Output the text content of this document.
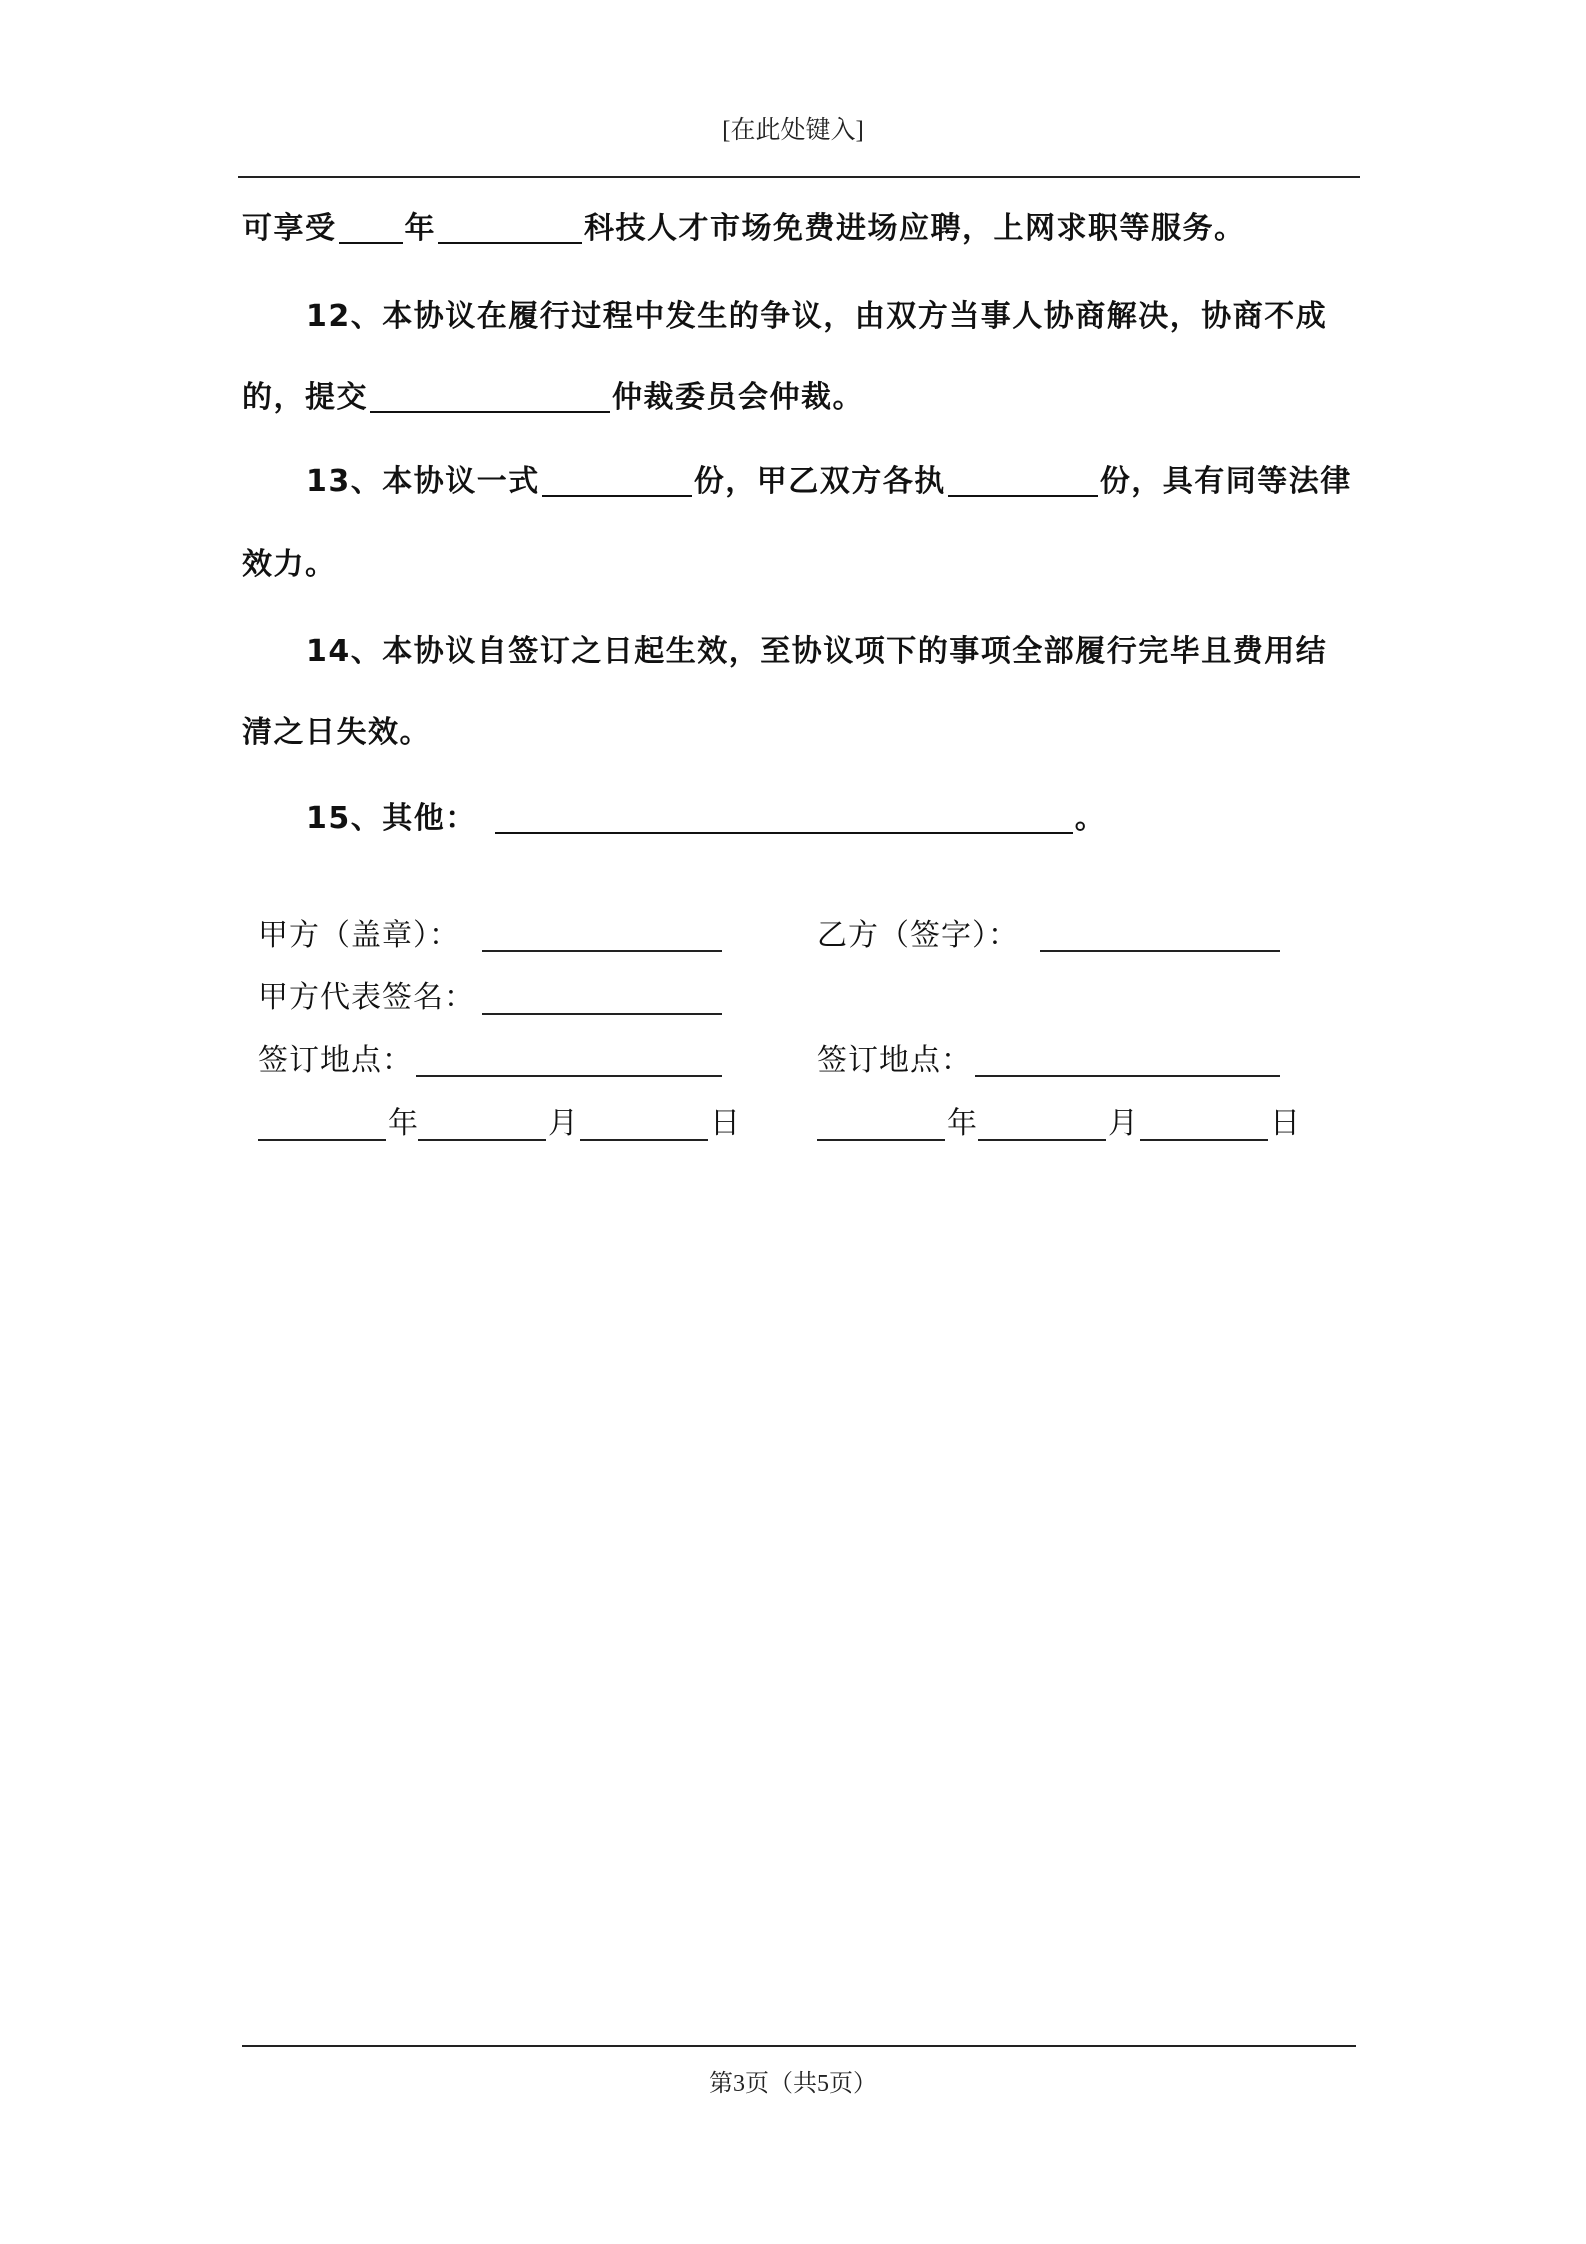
[在此处键入]
可享受 年	科技人才市场免费进场应聘，上网求职等服务。
12、本协议在履行过程中发生的争议，由双方当事人协商解决，协商不成
的，提交	仲裁委员会仲裁。
13、本协议一式	份，甲乙双方各执	份，具有同等法律
效力。
14、本协议自签订之日起生效，至协议项下的事项全部履行完毕且费用结
清之日失效。
15、其他：	。
甲方（盖章）：	乙方（签字）：
甲方代表签名：
签订地点：	签订地点：
年	月	日	年	月	日
第3页（共5页）
